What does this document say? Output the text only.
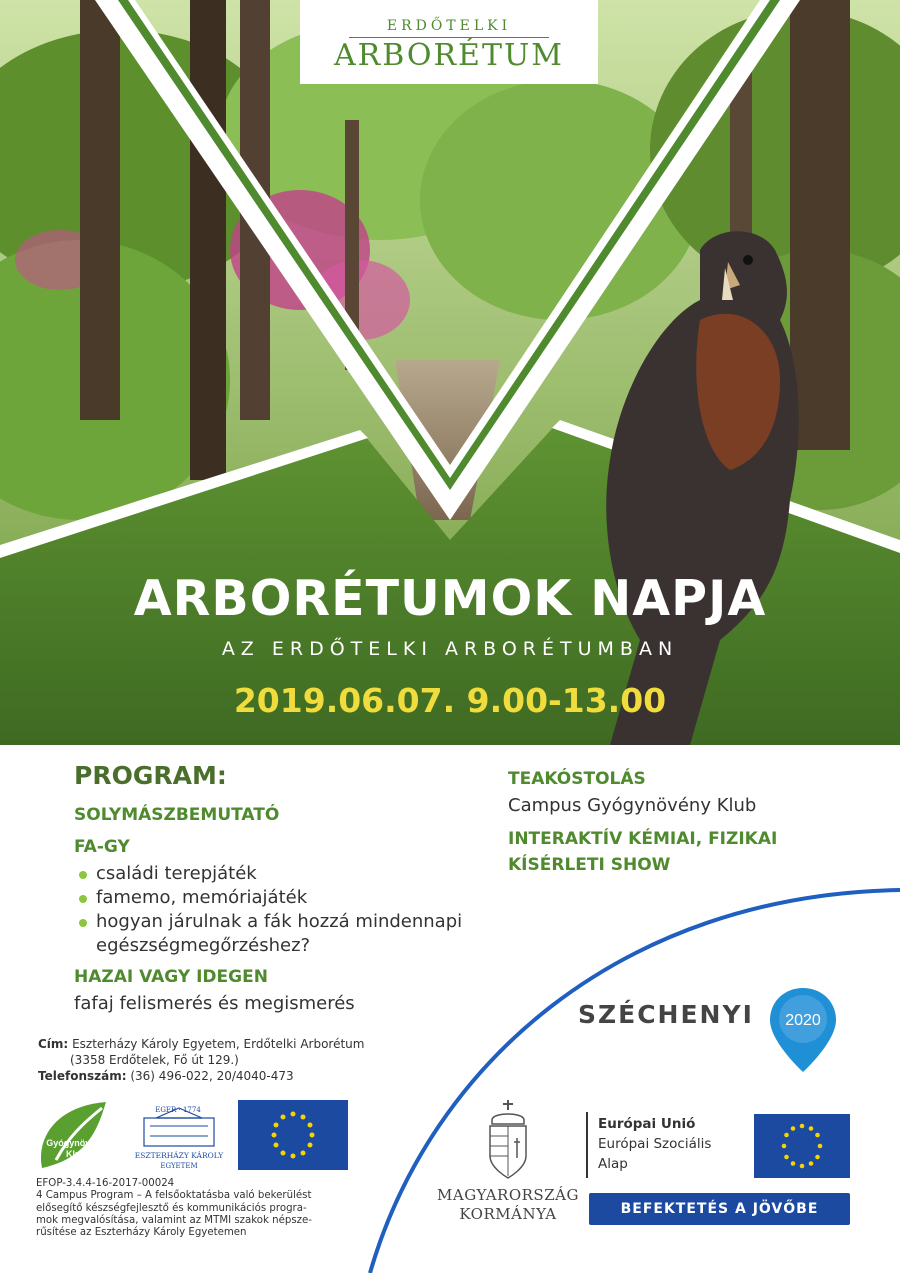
ERDŐTELKI
ARBORÉTUM
ARBORÉTUMOK NAPJA
AZ ERDŐTELKI ARBORÉTUMBAN
2019.06.07. 9.00-13.00
PROGRAM:
SOLYMÁSZBEMUTATÓ
FA-GY
családi terepjáték
famemo, memóriajáték
hogyan járulnak a fák hozzá mindennapi egészségmegőrzéshez?
HAZAI VAGY IDEGEN
fafaj felismerés és megismerés
TEAKÓSTOLÁS
Campus Gyógynövény Klub
INTERAKTÍV KÉMIAI, FIZIKAI
KÍSÉRLETI SHOW
Cím: Eszterházy Károly Egyetem, Erdőtelki Arborétum
(3358 Erdőtelek, Fő út 129.)
Telefonszám: (36) 496-022, 20/4040-473
Gyógynövény
Klub
EGER · 1774
ESZTERHÁZY KÁROLY
EGYETEM
EFOP-3.4.4-16-2017-00024
4 Campus Program – A felsőoktatásba való bekerülést
elősegítő készségfejlesztő és kommunikációs progra-
mok megvalósítása, valamint az MTMI szakok népsze-
rűsítése az Eszterházy Károly Egyetemen
SZÉCHENYI 2020
MAGYARORSZÁG
KORMÁNYA
Európai Unió
Európai Szociális
Alap
BEFEKTETÉS A JÖVŐBE
